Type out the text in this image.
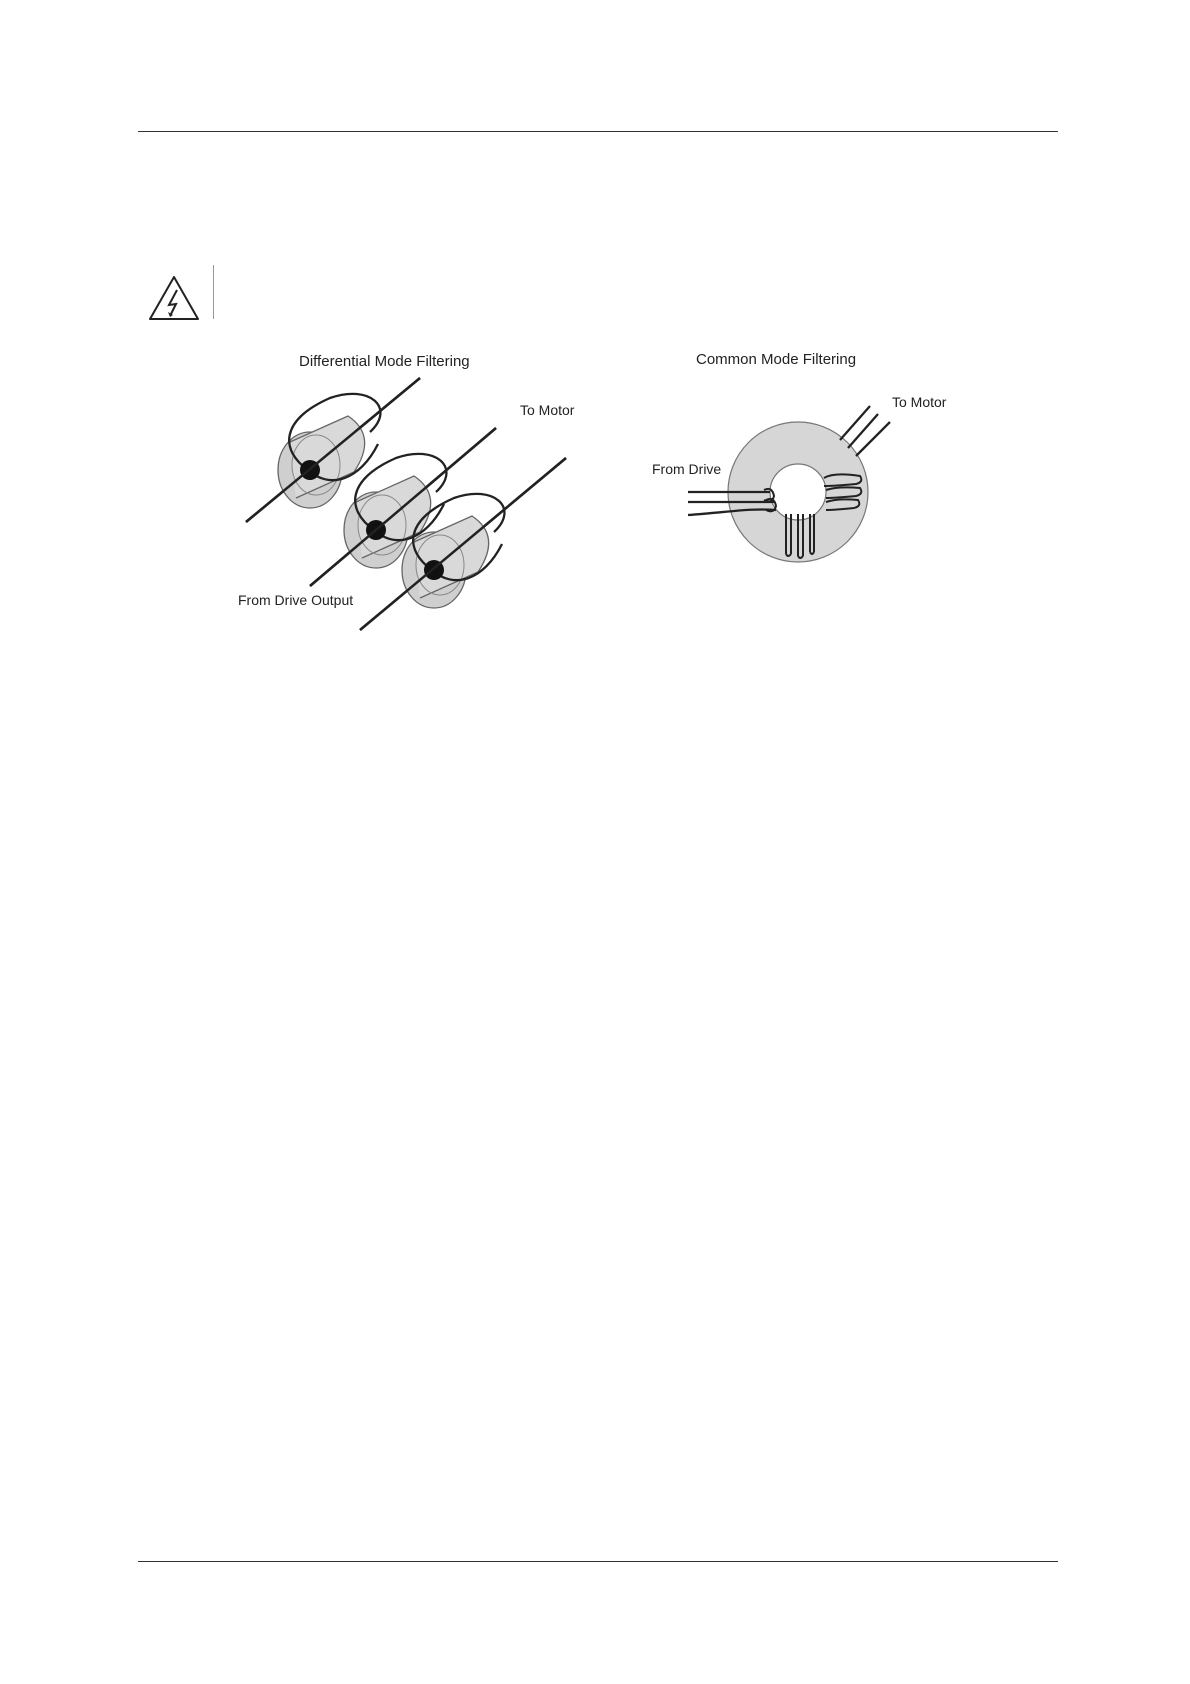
Differential Mode Filtering
To Motor
From Drive Output
Common Mode Filtering
To Motor
From Drive
